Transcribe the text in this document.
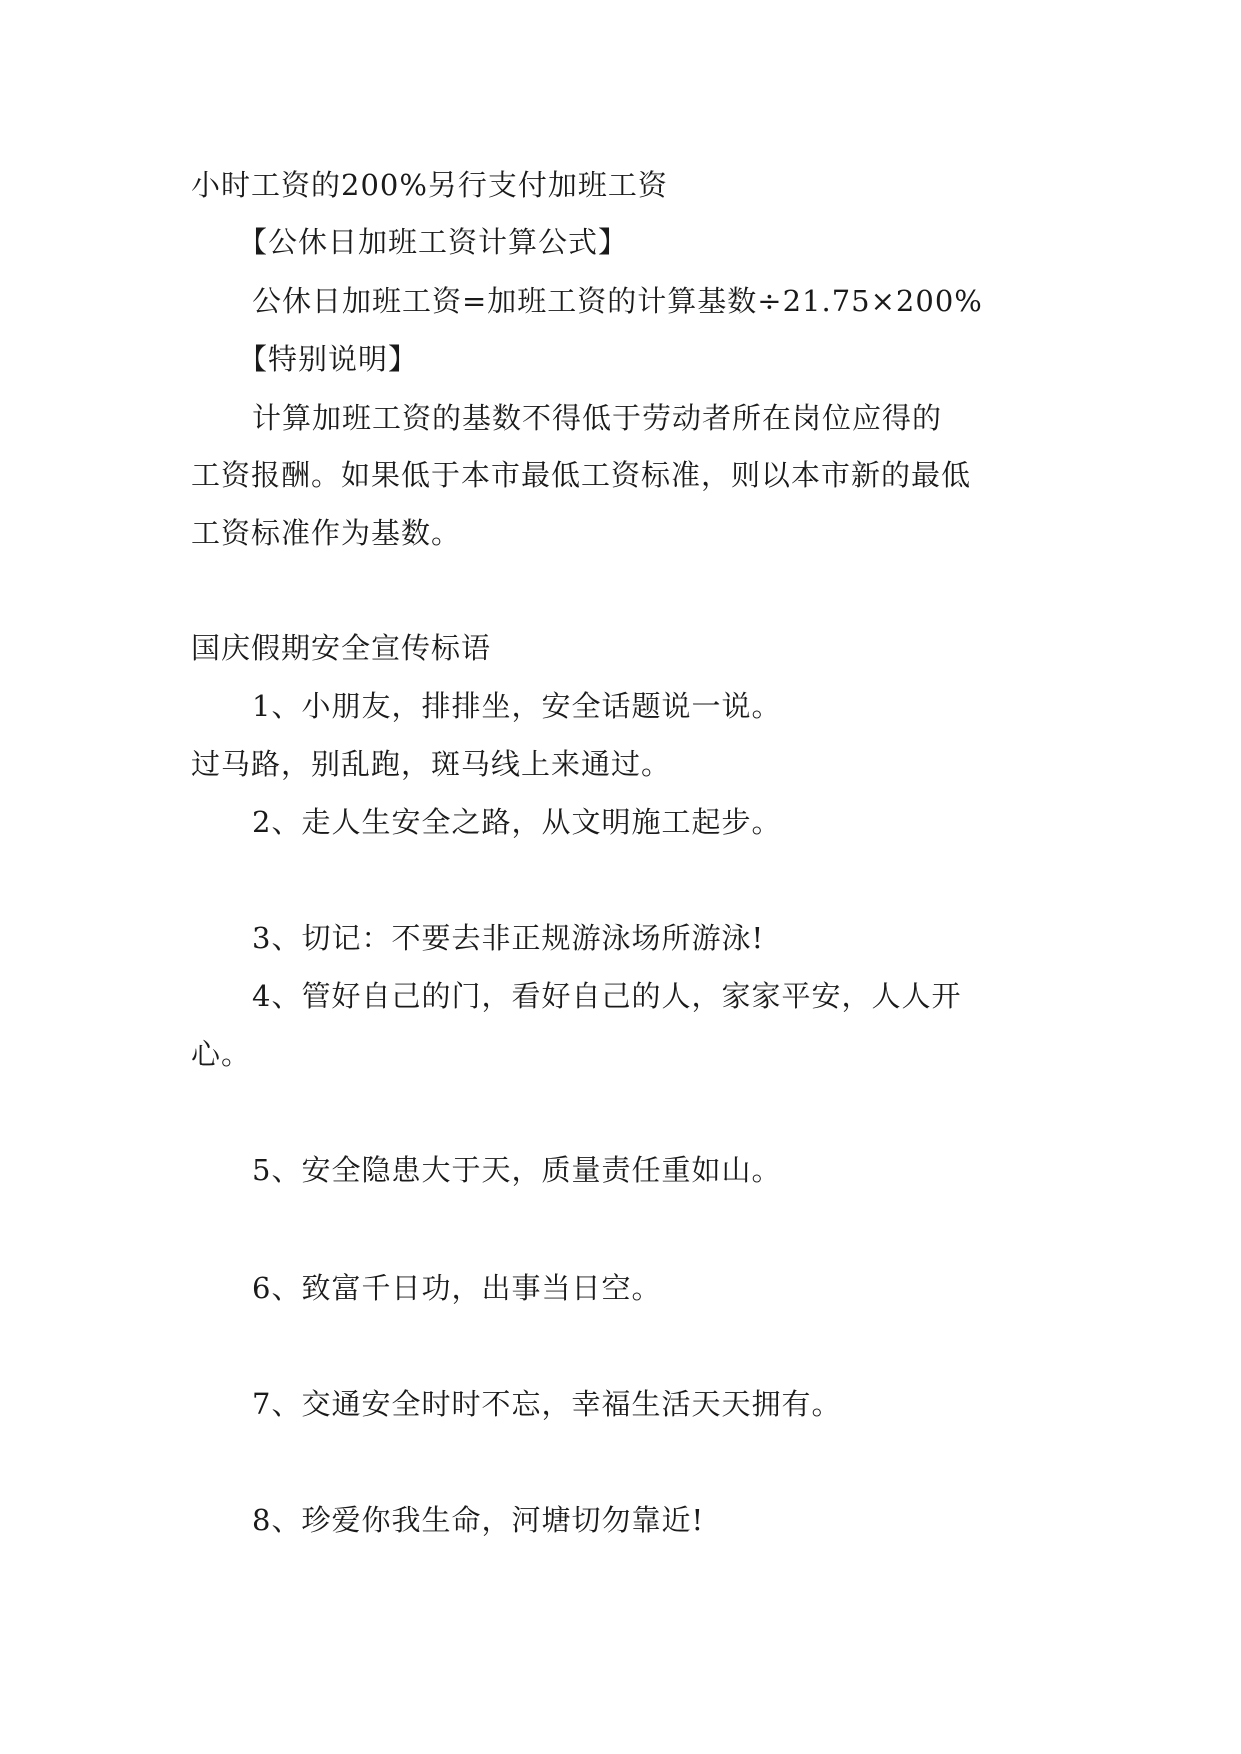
小时工资的200%另行支付加班工资
【公休日加班工资计算公式】
公休日加班工资=加班工资的计算基数÷21.75×200%
【特别说明】
计算加班工资的基数不得低于劳动者所在岗位应得的
工资报酬。如果低于本市最低工资标准，则以本市新的最低
工资标准作为基数。
国庆假期安全宣传标语
1、小朋友，排排坐，安全话题说一说。
过马路，别乱跑，斑马线上来通过。
2、走人生安全之路，从文明施工起步。
3、切记：不要去非正规游泳场所游泳!
4、管好自己的门，看好自己的人，家家平安，人人开
心。
5、安全隐患大于天，质量责任重如山。
6、致富千日功，出事当日空。
7、交通安全时时不忘，幸福生活天天拥有。
8、珍爱你我生命，河塘切勿靠近!
